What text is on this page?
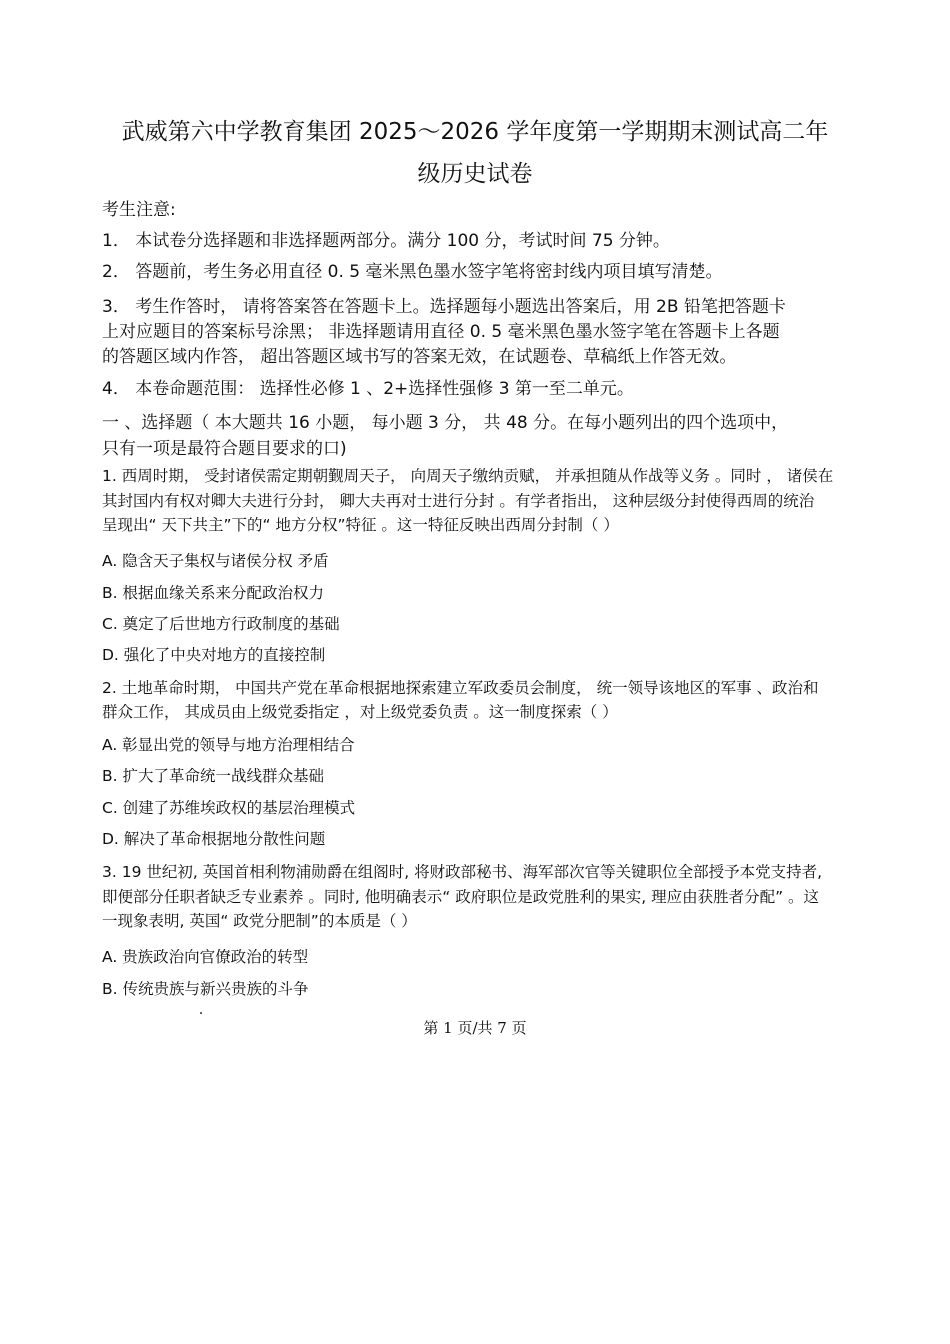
武威第六中学教育集团 2025～2026 学年度第一学期期末测试高二年
级历史试卷
考生注意:
1． 本试卷分选择题和非选择题两部分。满分 100 分，考试时间 75 分钟。
2． 答题前，考生务必用直径 0. 5 毫米黑色墨水签字笔将密封线内项目填写清楚。
3． 考生作答时， 请将答案答在答题卡上。选择题每小题选出答案后，用 2B 铅笔把答题卡
上对应题目的答案标号涂黑； 非选择题请用直径 0. 5 毫米黑色墨水签字笔在答题卡上各题
的答题区域内作答， 超出答题区域书写的答案无效，在试题卷、草稿纸上作答无效。
4． 本卷命题范围： 选择性必修 1 、2+选择性强修 3 第一至二单元。
一 、选择题（ 本大题共 16 小题， 每小题 3 分， 共 48 分。在每小题列出的四个选项中，
只有一项是最符合题目要求的口)
1. 西周时期， 受封诸侯需定期朝觐周天子， 向周天子缴纳贡赋， 并承担随从作战等义务 。同时 ， 诸侯在
其封国内有权对卿大夫进行分封， 卿大夫再对士进行分封 。有学者指出， 这种层级分封使得西周的统治
呈现出“ 天下共主”下的“ 地方分权”特征 。这一特征反映出西周分封制（ ）
A. 隐含天子集权与诸侯分权 矛盾
B. 根据血缘关系来分配政治权力
C. 奠定了后世地方行政制度的基础
D. 强化了中央对地方的直接控制
2. 土地革命时期， 中国共产党在革命根据地探索建立军政委员会制度， 统一领导该地区的军事 、政治和
群众工作， 其成员由上级党委指定 ，对上级党委负责 。这一制度探索（ ）
A. 彰显出党的领导与地方治理相结合
B. 扩大了革命统一战线群众基础
C. 创建了苏维埃政权的基层治理模式
D. 解决了革命根据地分散性问题
3. 19 世纪初, 英国首相利物浦勋爵在组阁时, 将财政部秘书、海军部次官等关键职位全部授予本党支持者,
即便部分任职者缺乏专业素养 。同时, 他明确表示“ 政府职位是政党胜利的果实, 理应由获胜者分配” 。这
一现象表明, 英国“ 政党分肥制”的本质是（ ）
A. 贵族政治向官僚政治的转型
B. 传统贵族与新兴贵族的斗争
第 1 页/共 7 页
